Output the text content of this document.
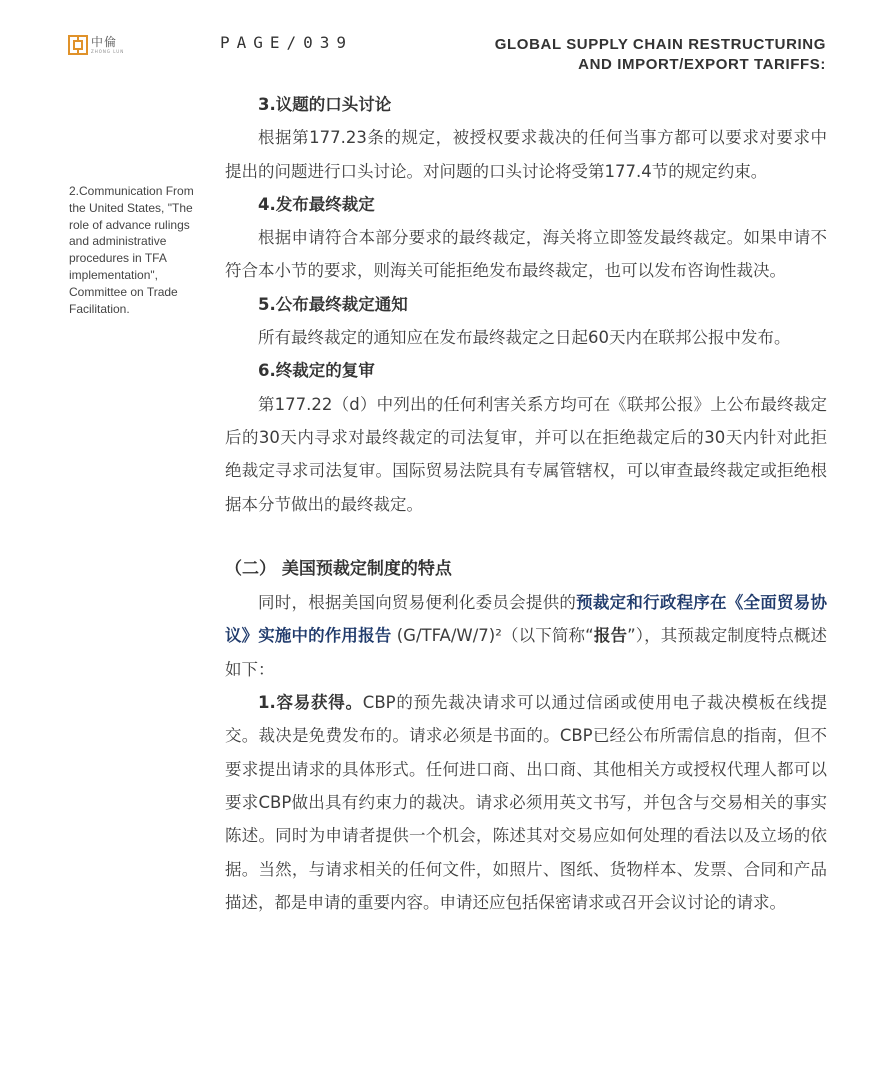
中倫
ZHONG LUN	PAGE/039	GLOBAL SUPPLY CHAIN RESTRUCTURING
AND IMPORT/EXPORT TARIFFS:
2.Communication From the United States, "The role of advance rulings and administrative procedures in TFA implementation", Committee on Trade Facilitation.
3.议题的口头讨论

根据第177.23条的规定，被授权要求裁决的任何当事方都可以要求对要求中提出的问题进行口头讨论。对问题的口头讨论将受第177.4节的规定约束。

4.发布最终裁定

根据申请符合本部分要求的最终裁定，海关将立即签发最终裁定。如果申请不符合本小节的要求，则海关可能拒绝发布最终裁定，也可以发布咨询性裁决。

5.公布最终裁定通知

所有最终裁定的通知应在发布最终裁定之日起60天内在联邦公报中发布。

6.终裁定的复审

第177.22（d）中列出的任何利害关系方均可在《联邦公报》上公布最终裁定后的30天内寻求对最终裁定的司法复审，并可以在拒绝裁定后的30天内针对此拒绝裁定寻求司法复审。国际贸易法院具有专属管辖权，可以审查最终裁定或拒绝根据本分节做出的最终裁定。

（二） 美国预裁定制度的特点

同时，根据美国向贸易便利化委员会提供的预裁定和行政程序在《全面贸易协议》实施中的作用报告 (G/TFA/W/7)²（以下简称“报告”），其预裁定制度特点概述如下：

1.容易获得。CBP的预先裁决请求可以通过信函或使用电子裁决模板在线提交。裁决是免费发布的。请求必须是书面的。CBP已经公布所需信息的指南，但不要求提出请求的具体形式。任何进口商、出口商、其他相关方或授权代理人都可以要求CBP做出具有约束力的裁决。请求必须用英文书写，并包含与交易相关的事实陈述。同时为申请者提供一个机会，陈述其对交易应如何处理的看法以及立场的依据。当然，与请求相关的任何文件，如照片、图纸、货物样本、发票、合同和产品描述，都是申请的重要内容。申请还应包括保密请求或召开会议讨论的请求。
